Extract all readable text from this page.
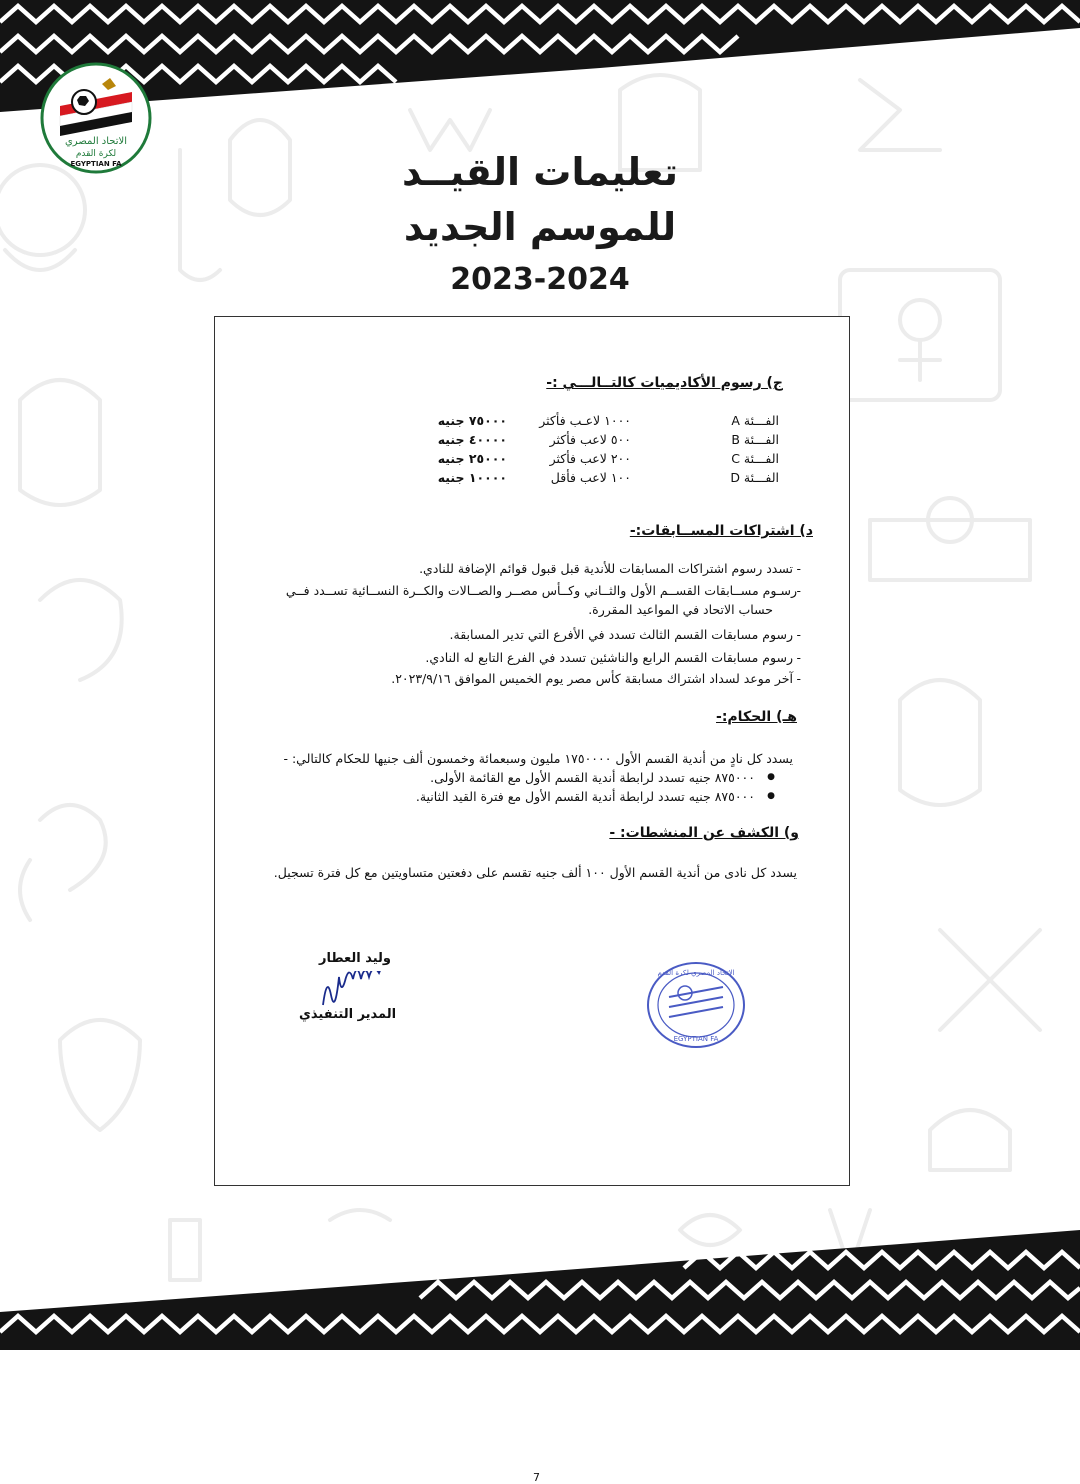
الاتحاد المصري
لكرة القدم
EGYPTIAN FA	تعليمات القيــد
للموسم الجديد
2023-2024
ج) رسوم الأكاديميات كالتــالـــي :-
الفـــئة A
١٠٠٠ لاعـب فأكثر
٧٥٠٠٠ جنيه
الفـــئة B
٥٠٠ لاعب فأكثر
٤٠٠٠٠ جنيه
الفـــئة C
٢٠٠ لاعب فأكثر
٢٥٠٠٠ جنيه
الفـــئة D
١٠٠ لاعب فأقل
١٠٠٠٠ جنيه
د) اشتراكات المســابقات:-
تسدد رسوم اشتراكات المسابقات للأندية قبل قبول قوائم الإضافة للنادي.
رسـوم مســابقات القســم الأول والثــاني وكــأس مصــر والصــالات والكــرة النســائية تســدد فــي
حساب الاتحاد في المواعيد المقررة.
رسوم مسابقات القسم الثالث تسدد في الأفرع التي تدير المسابقة.
رسوم مسابقات القسم الرابع والناشئين تسدد في الفرع التابع له النادي.
آخر موعد لسداد اشتراك مسابقة كأس مصر يوم الخميس الموافق ٢٠٢٣/٩/١٦.
-
-
-
-
-
هـ) الحكام:-
يسدد كل نادٍ من أندية القسم الأول ١٧٥٠٠٠٠ مليون وسبعمائة وخمسون ألف جنيها للحكام كالتالي: -
٨٧٥٠٠٠ جنيه تسدد لرابطة أندية القسم الأول مع القائمة الأولى.
٨٧٥٠٠٠ جنيه تسدد لرابطة أندية القسم الأول مع فترة القيد الثانية.
●
●
و) الكشف عن المنشطات: -
يسدد كل نادى من أندية القسم الأول ١٠٠ ألف جنيه تقسم على دفعتين متساويتين مع كل فترة تسجيل.
وليد العطار
المدير التنفيذي
EGYPTIAN FA
الاتحاد المصري لكرة القدم
7
